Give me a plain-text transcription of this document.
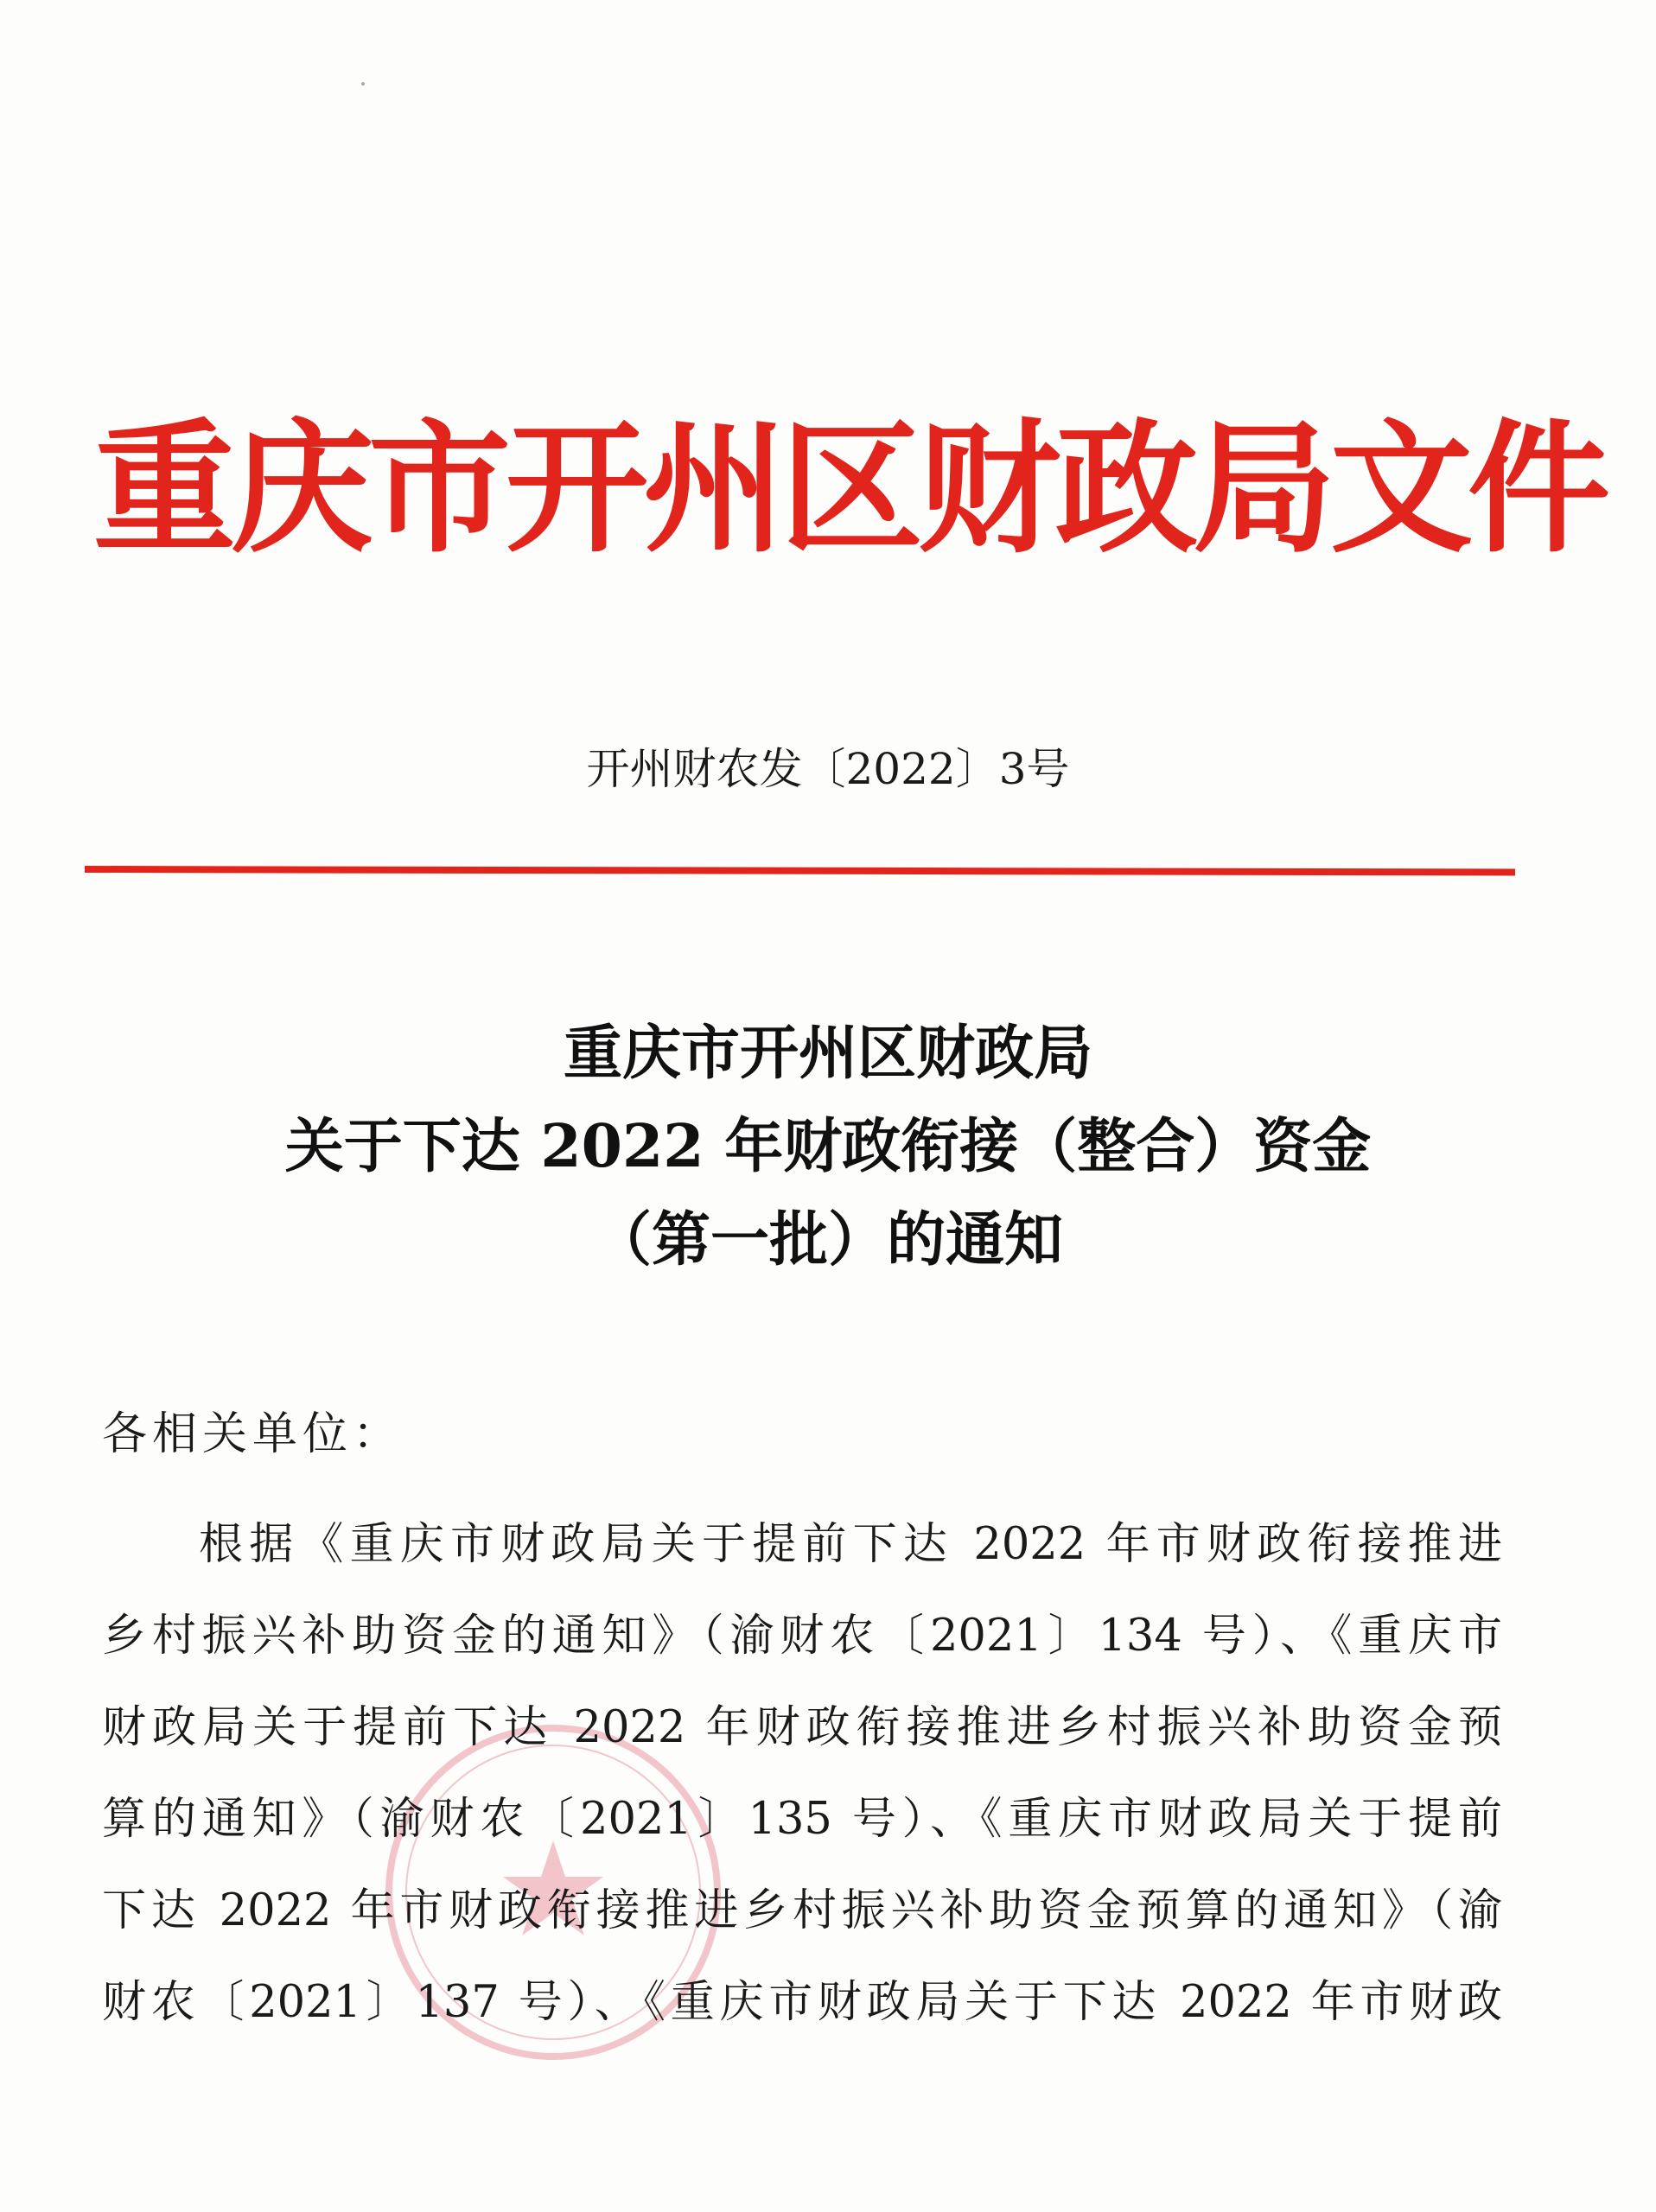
重庆市开州区财政局文件
开州财农发〔2022〕3号
重庆市开州区财政局
关于下达 2022 年财政衔接（整合）资金
（第一批）的通知
各相关单位：
根据《重庆市财政局关于提前下达 2022 年市财政衔接推进
乡村振兴补助资金的通知》（渝财农〔2021〕134 号）、《重庆市
财政局关于提前下达 2022 年财政衔接推进乡村振兴补助资金预
算的通知》（渝财农〔2021〕135 号）、《重庆市财政局关于提前
下达 2022 年市财政衔接推进乡村振兴补助资金预算的通知》（渝
财农〔2021〕137 号）、《重庆市财政局关于下达 2022 年市财政
